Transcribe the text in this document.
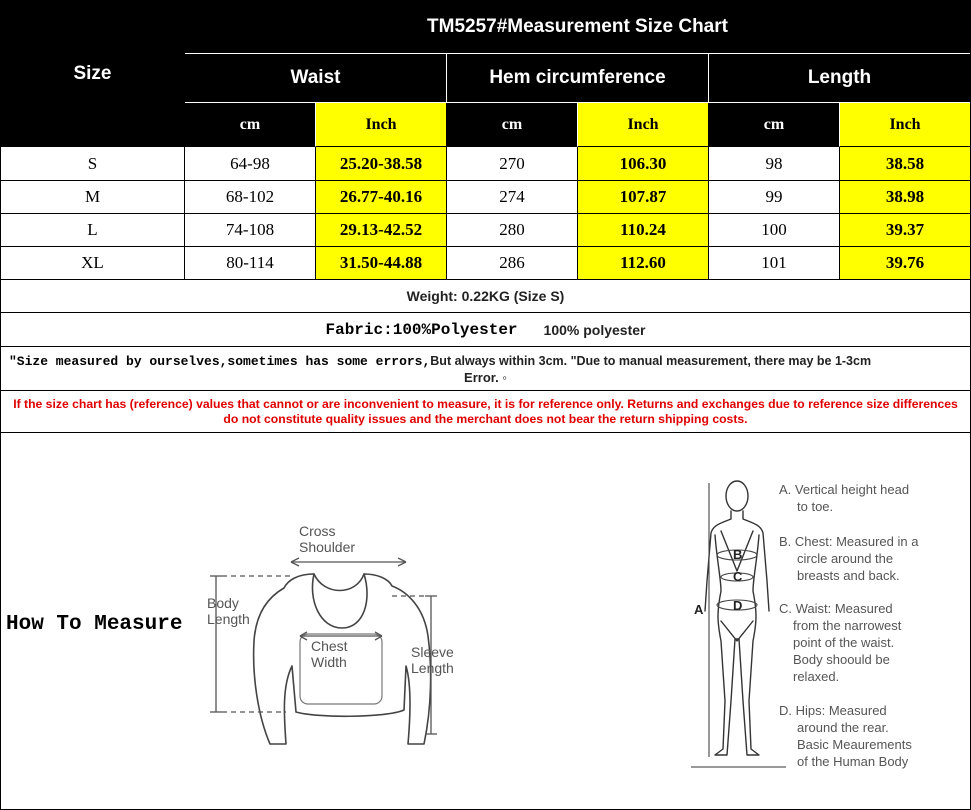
Size
TM5257#Measurement Size Chart
Waist	Hem circumference	Length
cm	Inch	cm	Inch	cm	Inch
S	64-98	25.20-38.58	270	106.30	98	38.58
M	68-102	26.77-40.16	274	107.87	99	38.98
L	74-108	29.13-42.52	280	110.24	100	39.37
XL	80-114	31.50-44.88	286	112.60	101	39.76
Weight: 0.22KG (Size S)
Fabric:100%Polyester 100% polyester
"Size measured by ourselves,sometimes has some errors,But always within 3cm. "Due to manual measurement, there may be 1-3cm
Error. ◦

If the size chart has (reference) values that cannot or are inconvenient to measure, it is for reference only. Returns and exchanges due to reference size differences do not constitute quality issues and the merchant does not bear the return shipping costs.

How To Measure
Cross
Shoulder
Body
Length
Chest
Width
Sleeve
Length
A
B
C
D
A. Vertical height head
to toe.
B. Chest: Measured in a
circle around the
breasts and back.
C. Waist: Measured
from the narrowest
point of the waist.
Body shoould be
relaxed.
D. Hips: Measured
around the rear.
Basic Meaurements
of the Human Body
